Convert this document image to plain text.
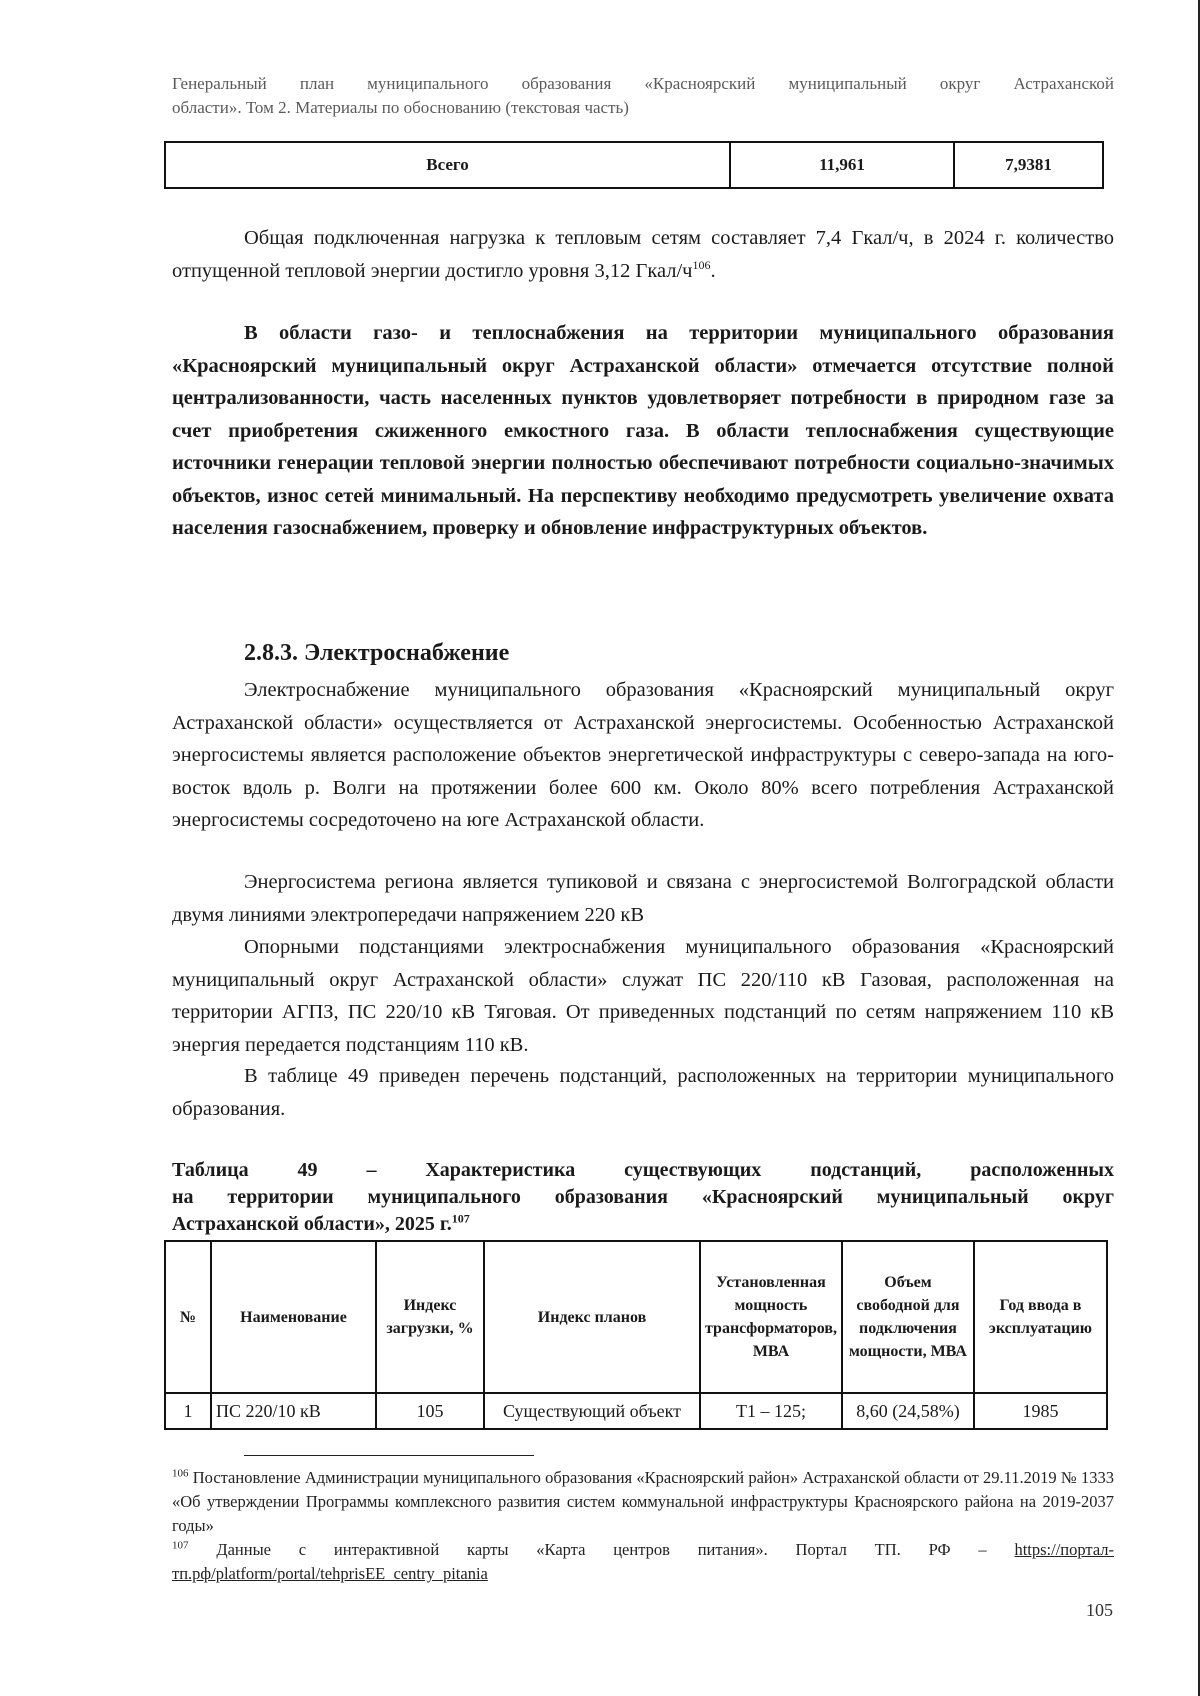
Генеральный план муниципального образования «Красноярский муниципальный округ Астраханской
области». Том 2. Материалы по обоснованию (текстовая часть)
Всего	11,961	7,9381

Общая подключенная нагрузка к тепловым сетям составляет 7,4 Гкал/ч, в 2024 г. количество отпущенной тепловой энергии достигло уровня 3,12 Гкал/$ч^{106}$.

В области газо- и теплоснабжения на территории муниципального образования «Красноярский муниципальный округ Астраханской области» отмечается отсутствие полной централизованности, часть населенных пунктов удовлетворяет потребности в природном газе за счет приобретения сжиженного емкостного газа. В области теплоснабжения существующие источники генерации тепловой энергии полностью обеспечивают потребности социально-значимых объектов, износ сетей минимальный. На перспективу необходимо предусмотреть увеличение охвата населения газоснабжением, проверку и обновление инфраструктурных объектов.

2.8.3. Электроснабжение

Электроснабжение муниципального образования «Красноярский муниципальный округ Астраханской области» осуществляется от Астраханской энергосистемы. Особенностью Астраханской энергосистемы является расположение объектов энергетической инфраструктуры с северо-запада на юго-восток вдоль р. Волги на протяжении более 600 км. Около 80% всего потребления Астраханской энергосистемы сосредоточено на юге Астраханской области.

Энергосистема региона является тупиковой и связана с энергосистемой Волгоградской области двумя линиями электропередачи напряжением 220 кВ

Опорными подстанциями электроснабжения муниципального образования «Красноярский муниципальный округ Астраханской области» служат ПС 220/110 кВ Газовая, расположенная на территории АГПЗ, ПС 220/10 кВ Тяговая. От приведенных подстанций по сетям напряжением 110 кВ энергия передается подстанциям 110 кВ.

В таблице 49 приведен перечень подстанций, расположенных на территории муниципального образования.

Таблица 49 – Характеристика существующих подстанций, расположенных
на территории муниципального образования «Красноярский муниципальный округ
Астраханской области», 2025 г.$^{107}$
№	Наименование	Индекс загрузки, %	Индекс планов	Установленная мощность трансформаторов, МВА	Объем свободной для подключения мощности, МВА	Год ввода в эксплуатацию
1	ПС 220/10 кВ	105	Существующий объект	Т1 – 125;	8,60 (24,58%)	1985
$^{106}$ Постановление Администрации муниципального образования «Красноярский район» Астраханской области от 29.11.2019 № 1333 «Об утверждении Программы комплексного развития систем коммунальной инфраструктуры Красноярского района на 2019-2037 годы»
$^{107}$ Данные с интерактивной карты «Карта центров питания». Портал ТП. РФ – https://портал-тп.рф/platform/portal/tehprisEE_centry_pitania
105
